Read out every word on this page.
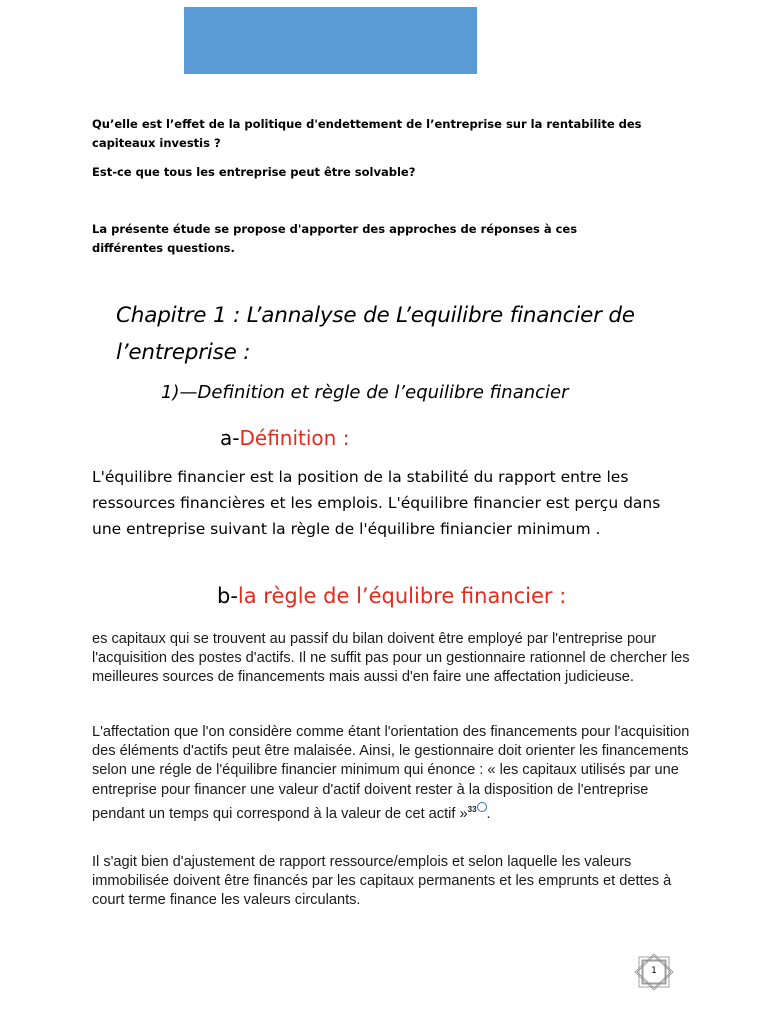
Qu’elle est l’effet de la politique d'endettement de l’entreprise sur la rentabilite des capiteaux investis ?

Est-ce que tous les entreprise peut être solvable?

La présente étude se propose d'apporter des approches de réponses à ces différentes questions.

Chapitre 1 : L’annalyse de L’equilibre financier de l’entreprise :
1)—Definition et règle de l’equilibre financier
a-Définition :

L'équilibre financier est la position de la stabilité du rapport entre les ressources financières et les emplois. L'équilibre financier est perçu dans une entreprise suivant la règle de l'équilibre finiancier minimum .

b-la règle de l’équlibre financier :

es capitaux qui se trouvent au passif du bilan doivent être employé par l'entreprise pour l'acquisition des postes d'actifs. Il ne suffit pas pour un gestionnaire rationnel de chercher les meilleures sources de financements mais aussi d'en faire une affectation judicieuse.

L'affectation que l'on considère comme étant l'orientation des financements pour l'acquisition des éléments d'actifs peut être malaisée. Ainsi, le gestionnaire doit orienter les financements selon une régle de l'équilibre financier minimum qui énonce : « les capitaux utilisés par une entreprise pour financer une valeur d'actif doivent rester à la disposition de l'entreprise pendant un temps qui correspond à la valeur de cet actif »$^{33}$ .

Il s'agit bien d'ajustement de rapport ressource/emplois et selon laquelle les valeurs immobilisée doivent être financés par les capitaux permanents et les emprunts et dettes à court terme finance les valeurs circulants.

1
